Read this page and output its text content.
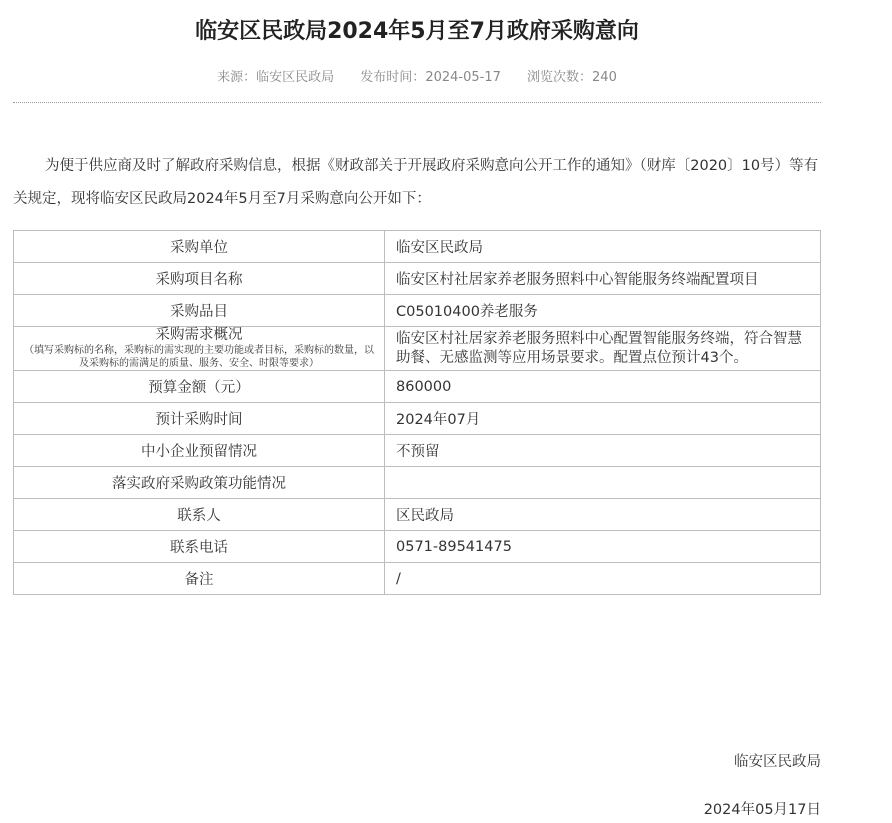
临安区民政局2024年5月至7月政府采购意向
来源：临安区民政局 发布时间：2024-05-17 浏览次数：240

为便于供应商及时了解政府采购信息，根据《财政部关于开展政府采购意向公开工作的通知》（财库〔2020〕10号）等有关规定，现将临安区民政局2024年5月至7月采购意向公开如下：

采购单位	临安区民政局
采购项目名称	临安区村社居家养老服务照料中心智能服务终端配置项目
采购品目	C05010400养老服务

采购需求概况
（填写采购标的名称，采购标的需实现的主要功能或者目标，采购标的数量，以及采购标的需满足的质量、服务、安全、时限等要求）	临安区村社居家养老服务照料中心配置智能服务终端，符合智慧助餐、无感监测等应用场景要求。配置点位预计43个。

预算金额（元）	860000
预计采购时间	2024年07月
中小企业预留情况	不预留
落实政府采购政策功能情况	
联系人	区民政局
联系电话	0571-89541475
备注	/
临安区民政局
2024年05月17日
